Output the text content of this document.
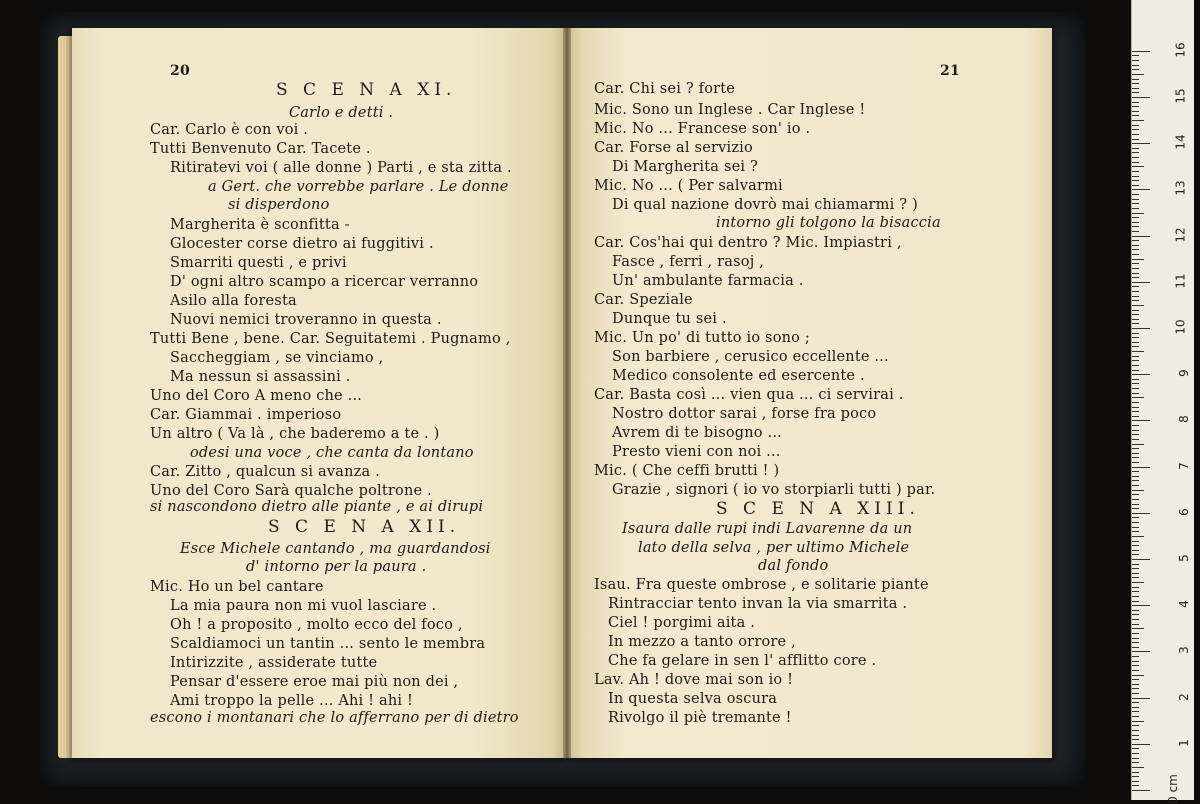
20	21
S C E N A XI.
Carlo e detti .
Car. Carlo è con voi .
Tutti Benvenuto Car. Tacete .
Ritiratevi voi ( alle donne ) Parti , e sta zitta .
a Gert. che vorrebbe parlare . Le donne
si disperdono
Margherita è sconfitta -
Glocester corse dietro ai fuggitivi .
Smarriti questi , e privi
D' ogni altro scampo a ricercar verranno
Asilo alla foresta
Nuovi nemici troveranno in questa .
Tutti Bene , bene. Car. Seguitatemi . Pugnamo ,
Saccheggiam , se vinciamo ,
Ma nessun si assassini .
Uno del Coro A meno che ...
Car. Giammai . imperioso
Un altro ( Va là , che baderemo a te . )
odesi una voce , che canta da lontano
Car. Zitto , qualcun si avanza .
Uno del Coro Sarà qualche poltrone .
si nascondono dietro alle piante , e ai dirupi
S C E N A XII.
Esce Michele cantando , ma guardandosi
d' intorno per la paura .
Mic. Ho un bel cantare
La mia paura non mi vuol lasciare .
Oh ! a proposito , molto ecco del foco ,
Scaldiamoci un tantin ... sento le membra
Intirizzite , assiderate tutte
Pensar d'essere eroe mai più non dei ,
Ami troppo la pelle ... Ahi ! ahi !
escono i montanari che lo afferrano per di dietro
Car. Chi sei ? forte
Mic. Sono un Inglese . Car Inglese !
Mic. No ... Francese son' io .
Car. Forse al servizio
Di Margherita sei ?
Mic. No ... ( Per salvarmi
Di qual nazione dovrò mai chiamarmi ? )
intorno gli tolgono la bisaccia
Car. Cos'hai qui dentro ? Mic. Impiastri ,
Fasce , ferri , rasoj ,
Un' ambulante farmacia .
Car. Speziale
Dunque tu sei .
Mic. Un po' di tutto io sono ;
Son barbiere , cerusico eccellente ...
Medico consolente ed esercente .
Car. Basta così ... vien qua ... ci servirai .
Nostro dottor sarai , forse fra poco
Avrem di te bisogno ...
Presto vieni con noi ...
Mic. ( Che ceffi brutti ! )
Grazie , signori ( io vo storpiarli tutti ) par.
S C E N A XIII.
Isaura dalle rupi indi Lavarenne da un
lato della selva , per ultimo Michele
dal fondo
Isau. Fra queste ombrose , e solitarie piante
Rintracciar tento invan la via smarrita .
Ciel ! porgimi aita .
In mezzo a tanto orrore ,
Che fa gelare in sen l' afflitto core .
Lav. Ah ! dove mai son io !
In questa selva oscura
Rivolgo il piè tremante !
0 cm
1
2
3
4
5
6
7
8
9
10
11
12
13
14
15
16
